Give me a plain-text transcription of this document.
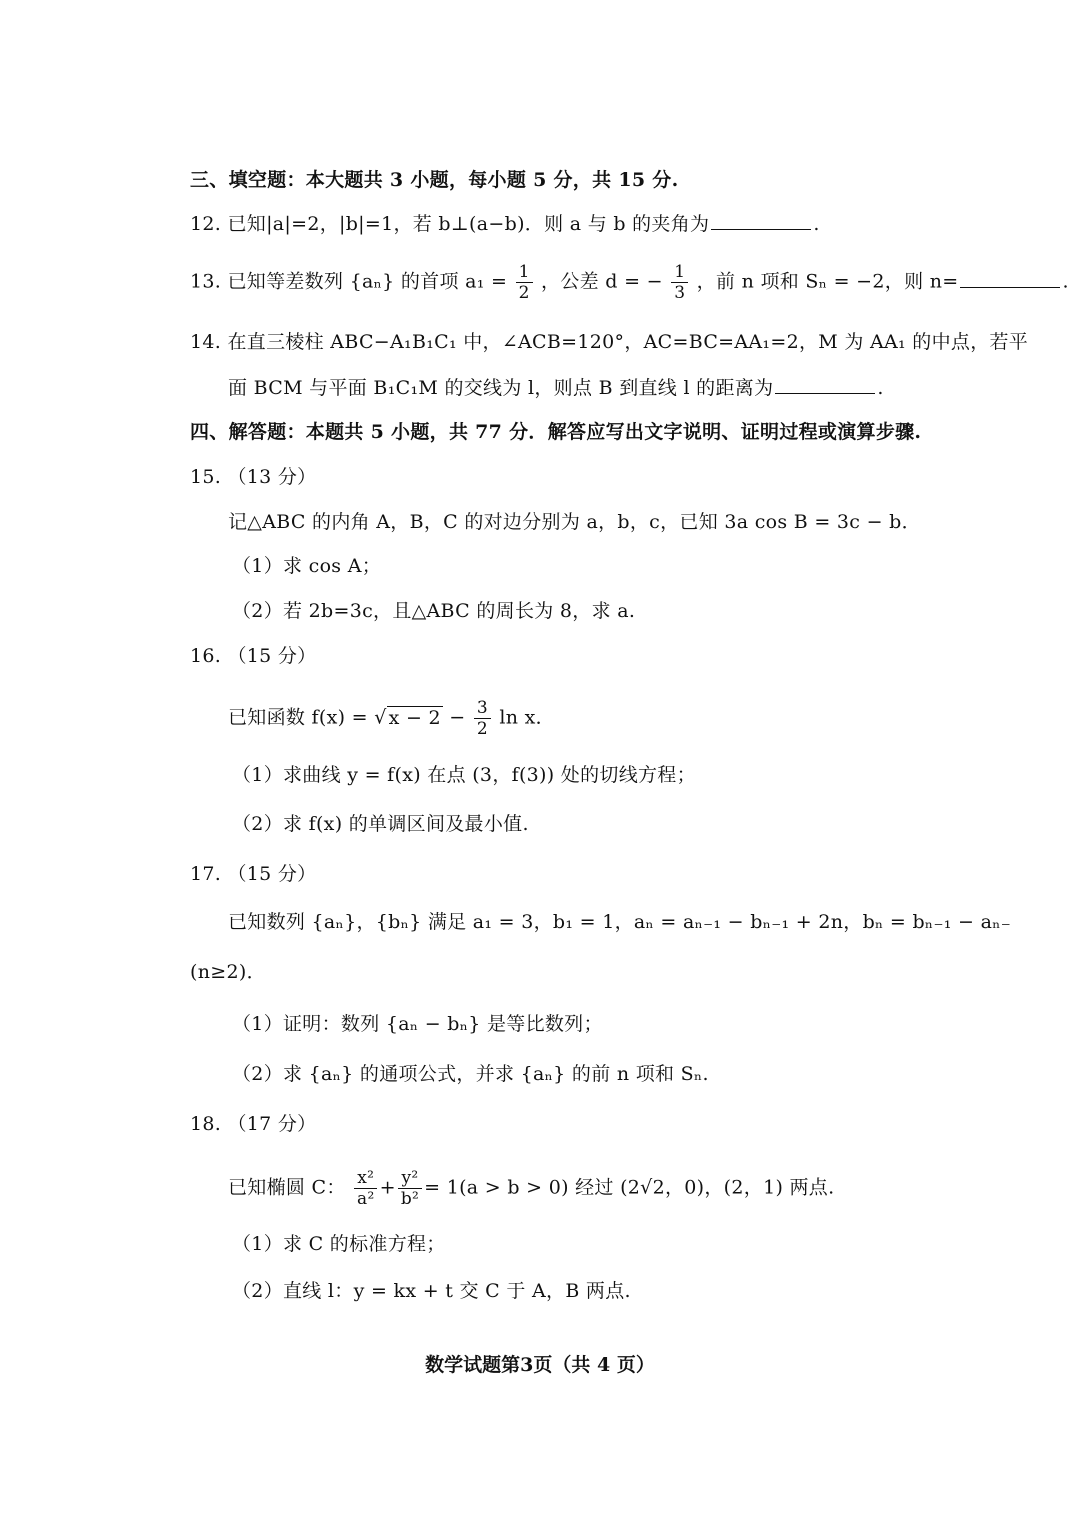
三、填空题：本大题共 3 小题，每小题 5 分，共 15 分.
12. 已知|a|=2，|b|=1，若 b⊥(a−b)．则 a 与 b 的夹角为	.
13. 已知等差数列 {aₙ} 的首项 $a_1 = \frac{1}{2}$ ，公差 d = − $\frac{1}{3}$ ，前 n 项和 Sₙ = −2，则 n=	.
14. 在直三棱柱 ABC−A₁B₁C₁ 中，∠ACB=120°，AC=BC=AA₁=2，M 为 AA₁ 的中点，若平
面 BCM 与平面 B₁C₁M 的交线为 l，则点 B 到直线 l 的距离为	.
四、解答题：本题共 5 小题，共 77 分．解答应写出文字说明、证明过程或演算步骤.
15. （13 分）
记△ABC 的内角 A，B，C 的对边分别为 a，b，c，已知 3a cos B = 3c − b．
（1）求 cos A；
（2）若 2b=3c，且△ABC 的周长为 8，求 a.
16. （15 分）
已知函数 f(x) = √ $x - 2 - \frac{3}{2}$ ln x．
（1）求曲线 y = f(x) 在点 (3，f(3)) 处的切线方程；
（2）求 f(x) 的单调区间及最小值.
17. （15 分）
已知数列 {aₙ}，{bₙ} 满足 a₁ = 3，b₁ = 1，aₙ = aₙ₋₁ − bₙ₋₁ + 2n，bₙ = bₙ₋₁ − aₙ₋
(n≥2)．
（1）证明：数列 {aₙ − bₙ} 是等比数列；
（2）求 {aₙ} 的通项公式，并求 {aₙ} 的前 n 项和 Sₙ.
18. （17 分）
已知椭圆 C： $\frac{\text{x²}}{\text{a²}} + \frac{\text{y²}}{\text{b²}} = 1(a > b > 0)$ 经过 (2√2，0)，(2，1) 两点.
（1）求 C 的标准方程；
（2）直线 l：y = kx + t 交 C 于 A，B 两点.
数学试题第3页（共 4 页）
